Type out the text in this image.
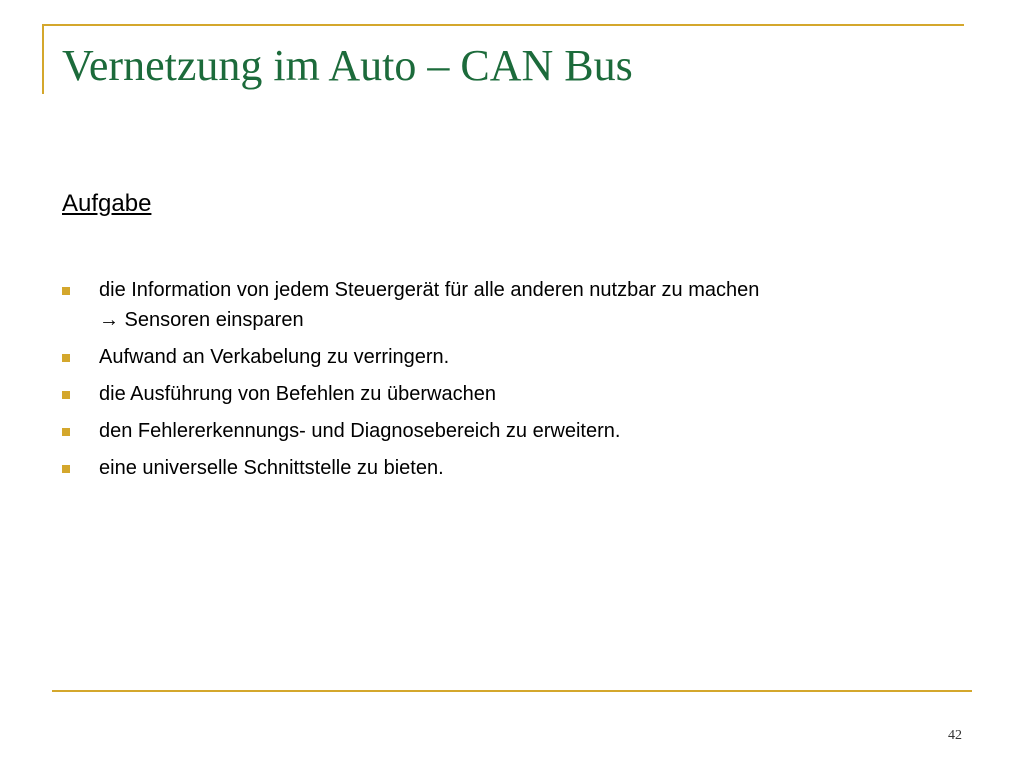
Vernetzung im Auto – CAN Bus
Aufgabe
die Information von jedem Steuergerät für alle anderen nutzbar zu machen
→ Sensoren einsparen
Aufwand an Verkabelung zu verringern.
die Ausführung von Befehlen zu überwachen
den Fehlererkennungs- und Diagnosebereich zu erweitern.
eine universelle Schnittstelle zu bieten.
42
